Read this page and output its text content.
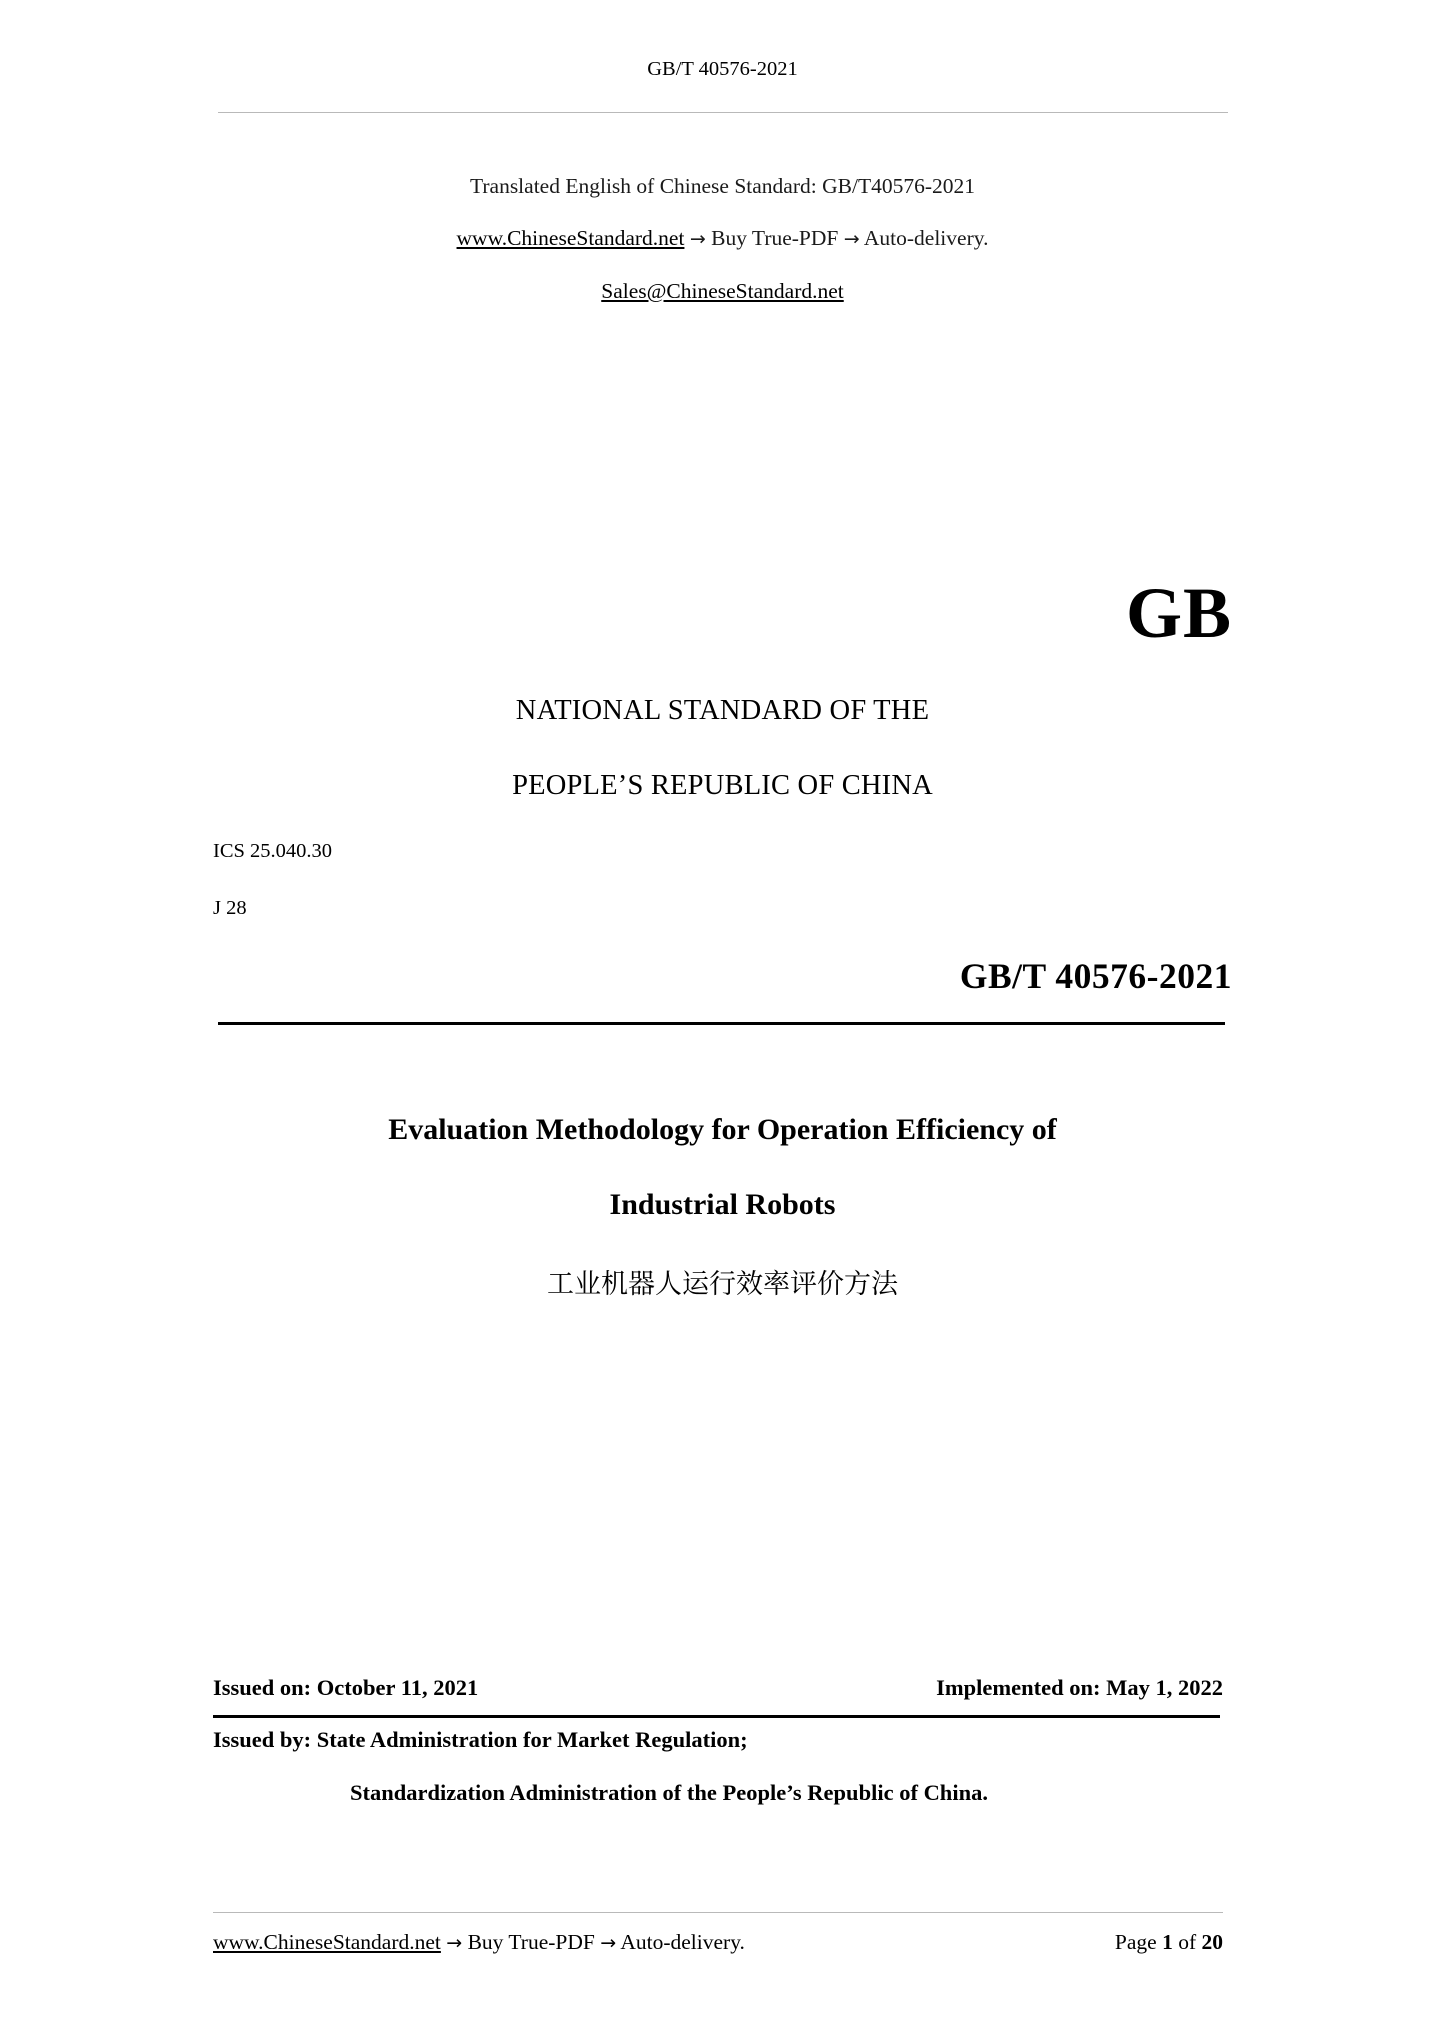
GB/T 40576-2021
Translated English of Chinese Standard: GB/T40576-2021
www.ChineseStandard.net → Buy True-PDF → Auto-delivery.
Sales@ChineseStandard.net
GB
NATIONAL STANDARD OF THE
PEOPLE’S REPUBLIC OF CHINA
ICS 25.040.30
J 28
GB/T 40576-2021
Evaluation Methodology for Operation Efficiency of
Industrial Robots
工业机器人运行效率评价方法
Issued on: October 11, 2021	Implemented on: May 1, 2022
Issued by: State Administration for Market Regulation;
Standardization Administration of the People’s Republic of China.
www.ChineseStandard.net → Buy True-PDF → Auto-delivery.	Page 1 of 20
